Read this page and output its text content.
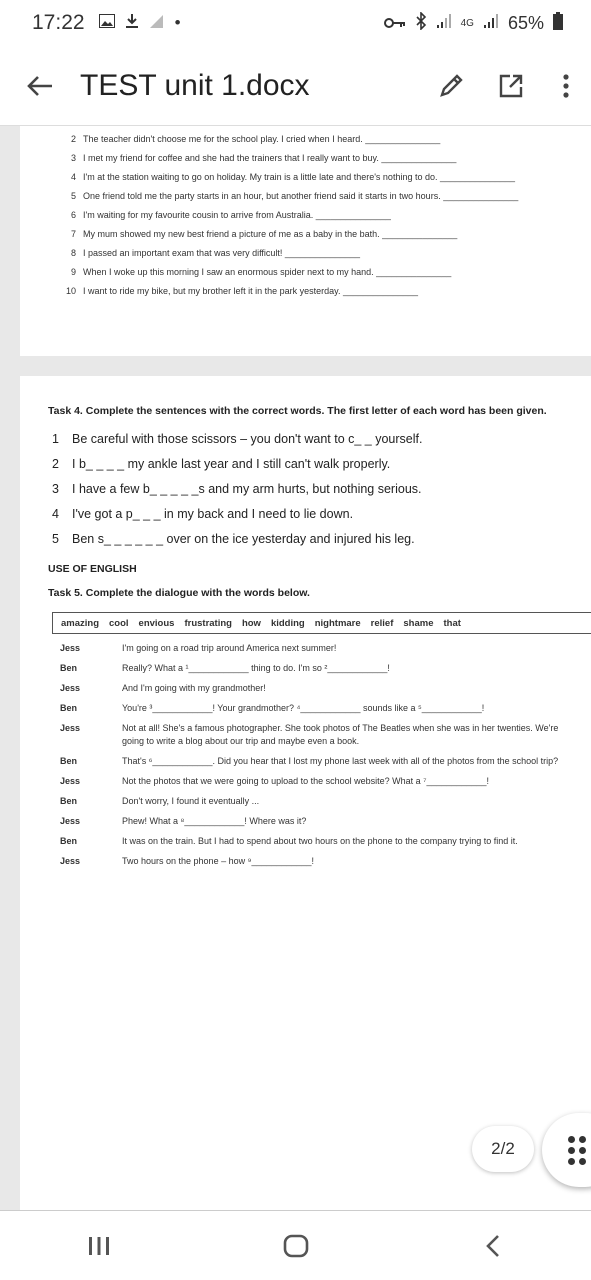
17:22	•	4G 65%
TEST unit 1.docx
2 The teacher didn't choose me for the school play. I cried when I heard. _______________
3 I met my friend for coffee and she had the trainers that I really want to buy. _______________
4 I'm at the station waiting to go on holiday. My train is a little late and there's nothing to do. _______________
5 One friend told me the party starts in an hour, but another friend said it starts in two hours. _______________
6 I'm waiting for my favourite cousin to arrive from Australia. _______________
7 My mum showed my new best friend a picture of me as a baby in the bath. _______________
8 I passed an important exam that was very difficult! _______________
9 When I woke up this morning I saw an enormous spider next to my hand. _______________
10 I want to ride my bike, but my brother left it in the park yesterday. _______________
Task 4. Complete the sentences with the correct words. The first letter of each word has been given.
1	Be careful with those scissors – you don't want to c_ _ yourself.
2	I b_ _ _ _ my ankle last year and I still can't walk properly.
3	I have a few b_ _ _ _ _s and my arm hurts, but nothing serious.
4	I've got a p_ _ _ in my back and I need to lie down.
5	Ben s_ _ _ _ _ _ over on the ice yesterday and injured his leg.
USE OF ENGLISH
Task 5. Complete the dialogue with the words below.
amazing cool envious frustrating how kidding nightmare relief shame that
Jess	I'm going on a road trip around America next summer!
Ben	Really? What a ¹____________ thing to do. I'm so ²____________!
Jess	And I'm going with my grandmother!
Ben	You're ³____________! Your grandmother? ⁴____________ sounds like a ⁵____________!
Jess	Not at all! She's a famous photographer. She took photos of The Beatles when she was in her twenties. We're going to write a blog about our trip and maybe even a book.
Ben	That's ⁶____________. Did you hear that I lost my phone last week with all of the photos from the school trip?
Jess	Not the photos that we were going to upload to the school website? What a ⁷____________!
Ben	Don't worry, I found it eventually ...
Jess	Phew! What a ⁸____________! Where was it?
Ben	It was on the train. But I had to spend about two hours on the phone to the company trying to find it.
Jess	Two hours on the phone – how ⁹____________!
2/2
